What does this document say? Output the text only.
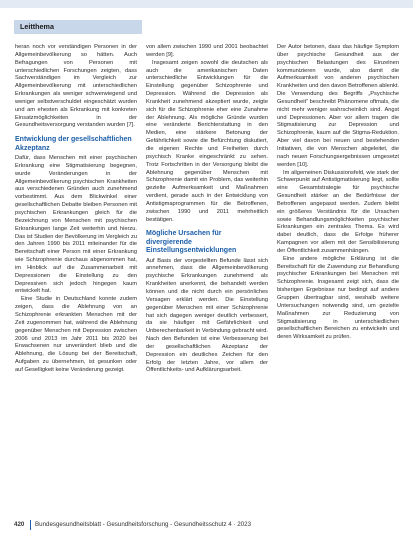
Leitthema

heran noch vor verständigen Personen in der Allgemeinbevölkerung so hätten. Auch Befragungen von Personen mit unterschiedlichen Forschungen zeigten, dass Sachverständigen im Vergleich zur Allgemeinbevölkerung mit unterschiedlichen Erkrankungen als weniger schwerwiegend und weniger selbstverschuldet eingeschätzt wurden und am ehesten als Erkrankung mit konkreten Einsatzmöglichkeiten in der Gesundheitsversorgung verstanden wurden [7].

Entwicklung der gesellschaftlichen Akzeptanz

Dafür, dass Menschen mit einer psychischen Erkrankung eine Stigmatisierung begegnen, wurde Veränderungen in der Allgemeinbevölkerung psychischen Krankheiten aus verschiedenen Gründen auch zunehmend vorbestimmt. Aus dem Blickwinkel einer gesellschaftlichen Debatte bleiben Personen mit psychischen Erkrankungen gleich für die Bezeichnung von Menschen mit psychischen Erkrankungen lange Zeit weiterhin und hierzu. Das ist Studien der Bevölkerung im Vergleich zu den Jahren 1990 bis 2011 miteinander für die Bereitschaft einer Person mit einer Erkrankung wie Schizophrenie durchaus abgenommen hat, im Hinblick auf die Zusammenarbeit mit Depressionen die Einstellung zu den Depressiven sich jedoch hingegen kaum entwickelt hat.

Eine Studie in Deutschland konnte zudem zeigen, dass die Ablehnung von an Schizophrenie erkrankten Menschen mit der Zeit zugenommen hat, während die Ablehnung gegenüber Menschen mit Depression zwischen 2006 und 2013 im Jahr 2011 bis 2020 bei Erwachsenen nur unverändert blieb und die Ablehnung, die Lösung bei der Bereitschaft, Aufgaben zu übernehmen, ist gesunken oder auf Geselligkeit keine Veränderung gezeigt.

von allem zwischen 1990 und 2001 beobachtet werden [9].

Insgesamt zeigen sowohl die deutschen als auch die amerikanischen Daten unterschiedliche Entwicklungen für die Einstellung gegenüber Schizophrenie und Depression. Während die Depression als Krankheit zunehmend akzeptiert wurde, zeigte sich für die Schizophrenie eher eine Zunahme der Ablehnung. Als mögliche Gründe wurden eine veränderte Berichterstattung in den Medien, eine stärkere Betonung der Gefährlichkeit sowie die Befürchtung diskutiert, die eigenen Rechte und Freiheiten durch psychisch Kranke eingeschränkt zu sehen. Trotz Fortschritten in der Versorgung bleibt die Ablehnung gegenüber Menschen mit Schizophrenie damit ein Problem, das weiterhin gezielte Aufmerksamkeit und Maßnahmen verdient, gerade auch in der Entwicklung von Antistigmaprogrammen für die Betroffenen, zwischen 1990 und 2011 mehrheitlich bestätigen.

Mögliche Ursachen für divergierende Einstellungsentwicklungen

Auf Basis der vorgestellten Befunde lässt sich annehmen, dass die Allgemeinbevölkerung psychische Erkrankungen zunehmend als Krankheiten anerkennt, die behandelt werden können und die nicht durch ein persönliches Versagen erklärt werden. Die Einstellung gegenüber Menschen mit einer Schizophrenie hat sich dagegen weniger deutlich verbessert, da sie häufiger mit Gefährlichkeit und Unberechenbarkeit in Verbindung gebracht wird. Nach den Befunden ist eine Verbesserung bei der gesellschaftlichen Akzeptanz der Depression ein deutliches Zeichen für den Erfolg der letzten Jahre, vor allem der Öffentlichkeits- und Aufklärungsarbeit.

Der Autor betonen, dass das häufige Symptom über psychische Gesundheit aus der psychischen Belastungen des Einzelnen kommunizieren wurde, also damit die Aufmerksamkeit von anderen psychischen Krankheiten und den davon Betroffenen ablenkt. Die Verwendung des Begriffs „Psychische Gesundheit“ beschreibt Phänomene oftmals, die nicht mehr weniger wahrscheinlich sind. Angst und Depressionen. Aber vor allem tragen die Stigmatisierung zur Depression und Schizophrenie, kaum auf die Stigma-Reduktion. Aber viel davon bei neuen und bestehenden Initiativen, die von Menschen abgeleitet, die nach neuen Forschungsergebnissen umgesetzt werden [10].

Im allgemeinen Diskussionsfeld, wie stark der Schwerpunkt auf Antistigmatisierung liegt, sollte eine Gesamtstrategie für psychische Gesundheit stärker an die Bedürfnisse der Betroffenen angepasst werden. Zudem bleibt ein größeres Verständnis für die Ursachen sowie Behandlungsmöglichkeiten psychischer Erkrankungen ein zentrales Thema. Es wird dabei deutlich, dass die Erfolge früherer Kampagnen vor allem mit der Sensibilisierung der Öffentlichkeit zusammenhängen.

Eine andere mögliche Erklärung ist die Bereitschaft für die Zuwendung zur Behandlung psychischer Erkrankungen bei Menschen mit Schizophrenie. Insgesamt zeigt sich, dass die bisherigen Ergebnisse nur bedingt auf andere Gruppen übertragbar sind, weshalb weitere Untersuchungen notwendig sind, um gezielte Maßnahmen zur Reduzierung von Stigmatisierung in unterschiedlichen gesellschaftlichen Bereichen zu entwickeln und deren Wirksamkeit zu prüfen.

420 Bundesgesundheitsblatt - Gesundheitsforschung - Gesundheitsschutz 4 · 2023
